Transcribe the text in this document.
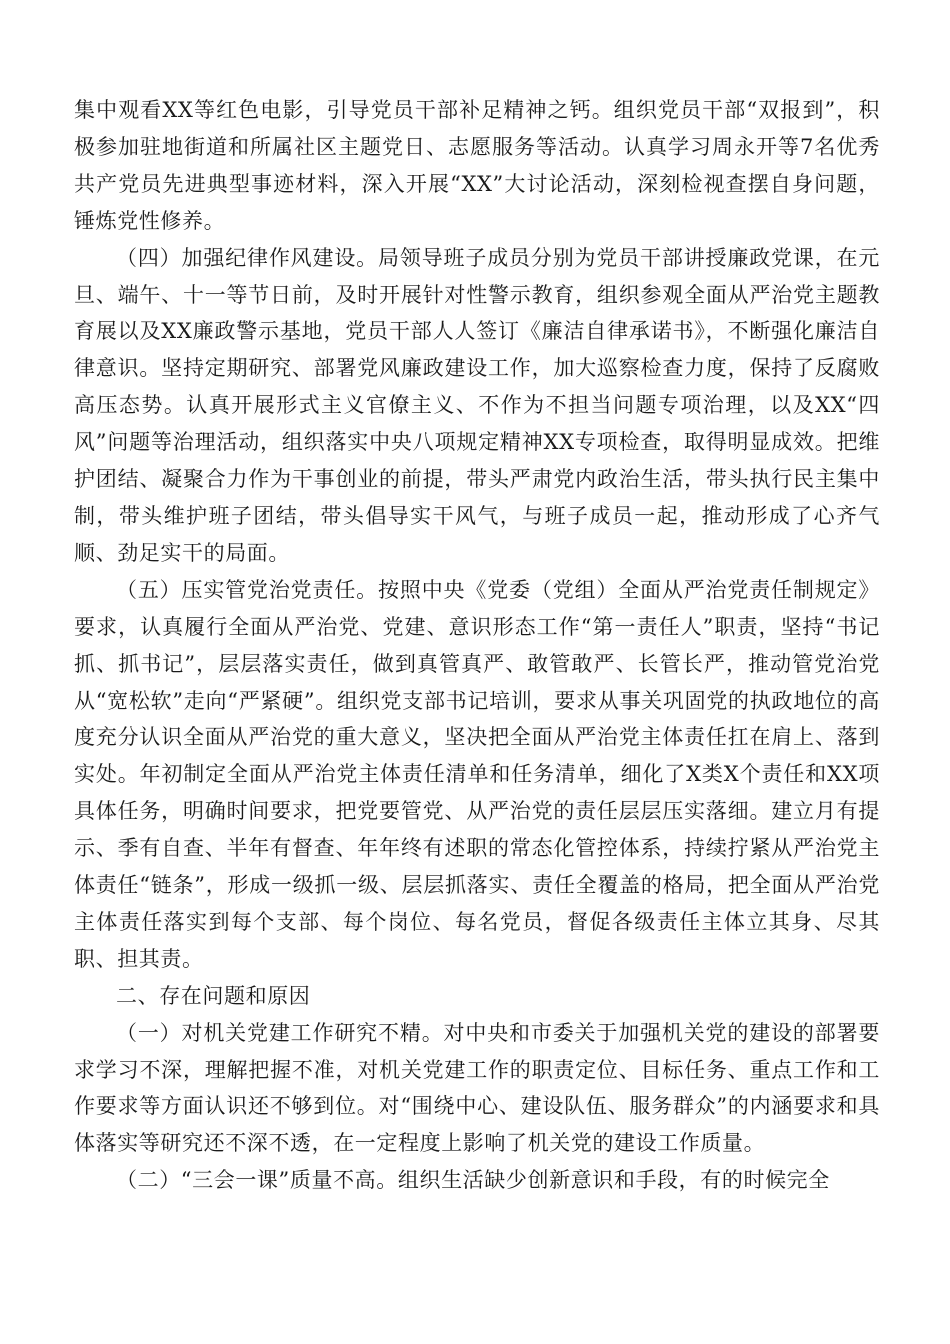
集中观看XX等红色电影，引导党员干部补足精神之钙。组织党员干部“双报到”，积极参加驻地街道和所属社区主题党日、志愿服务等活动。认真学习周永开等7名优秀共产党员先进典型事迹材料，深入开展“XX”大讨论活动，深刻检视查摆自身问题，锤炼党性修养。

（四）加强纪律作风建设。局领导班子成员分别为党员干部讲授廉政党课，在元旦、端午、十一等节日前，及时开展针对性警示教育，组织参观全面从严治党主题教育展以及XX廉政警示基地，党员干部人人签订《廉洁自律承诺书》，不断强化廉洁自律意识。坚持定期研究、部署党风廉政建设工作，加大巡察检查力度，保持了反腐败高压态势。认真开展形式主义官僚主义、不作为不担当问题专项治理，以及XX“四风”问题等治理活动，组织落实中央八项规定精神XX专项检查，取得明显成效。把维护团结、凝聚合力作为干事创业的前提，带头严肃党内政治生活，带头执行民主集中制，带头维护班子团结，带头倡导实干风气，与班子成员一起，推动形成了心齐气顺、劲足实干的局面。

（五）压实管党治党责任。按照中央《党委（党组）全面从严治党责任制规定》要求，认真履行全面从严治党、党建、意识形态工作“第一责任人”职责，坚持“书记抓、抓书记”，层层落实责任，做到真管真严、敢管敢严、长管长严，推动管党治党从“宽松软”走向“严紧硬”。组织党支部书记培训，要求从事关巩固党的执政地位的高度充分认识全面从严治党的重大意义，坚决把全面从严治党主体责任扛在肩上、落到实处。年初制定全面从严治党主体责任清单和任务清单，细化了X类X个责任和XX项具体任务，明确时间要求，把党要管党、从严治党的责任层层压实落细。建立月有提示、季有自查、半年有督查、年年终有述职的常态化管控体系，持续拧紧从严治党主体责任“链条”，形成一级抓一级、层层抓落实、责任全覆盖的格局，把全面从严治党主体责任落实到每个支部、每个岗位、每名党员，督促各级责任主体立其身、尽其职、担其责。

二、存在问题和原因

（一）对机关党建工作研究不精。对中央和市委关于加强机关党的建设的部署要求学习不深，理解把握不准，对机关党建工作的职责定位、目标任务、重点工作和工作要求等方面认识还不够到位。对“围绕中心、建设队伍、服务群众”的内涵要求和具体落实等研究还不深不透，在一定程度上影响了机关党的建设工作质量。

（二）“三会一课”质量不高。组织生活缺少创新意识和手段，有的时候完全
